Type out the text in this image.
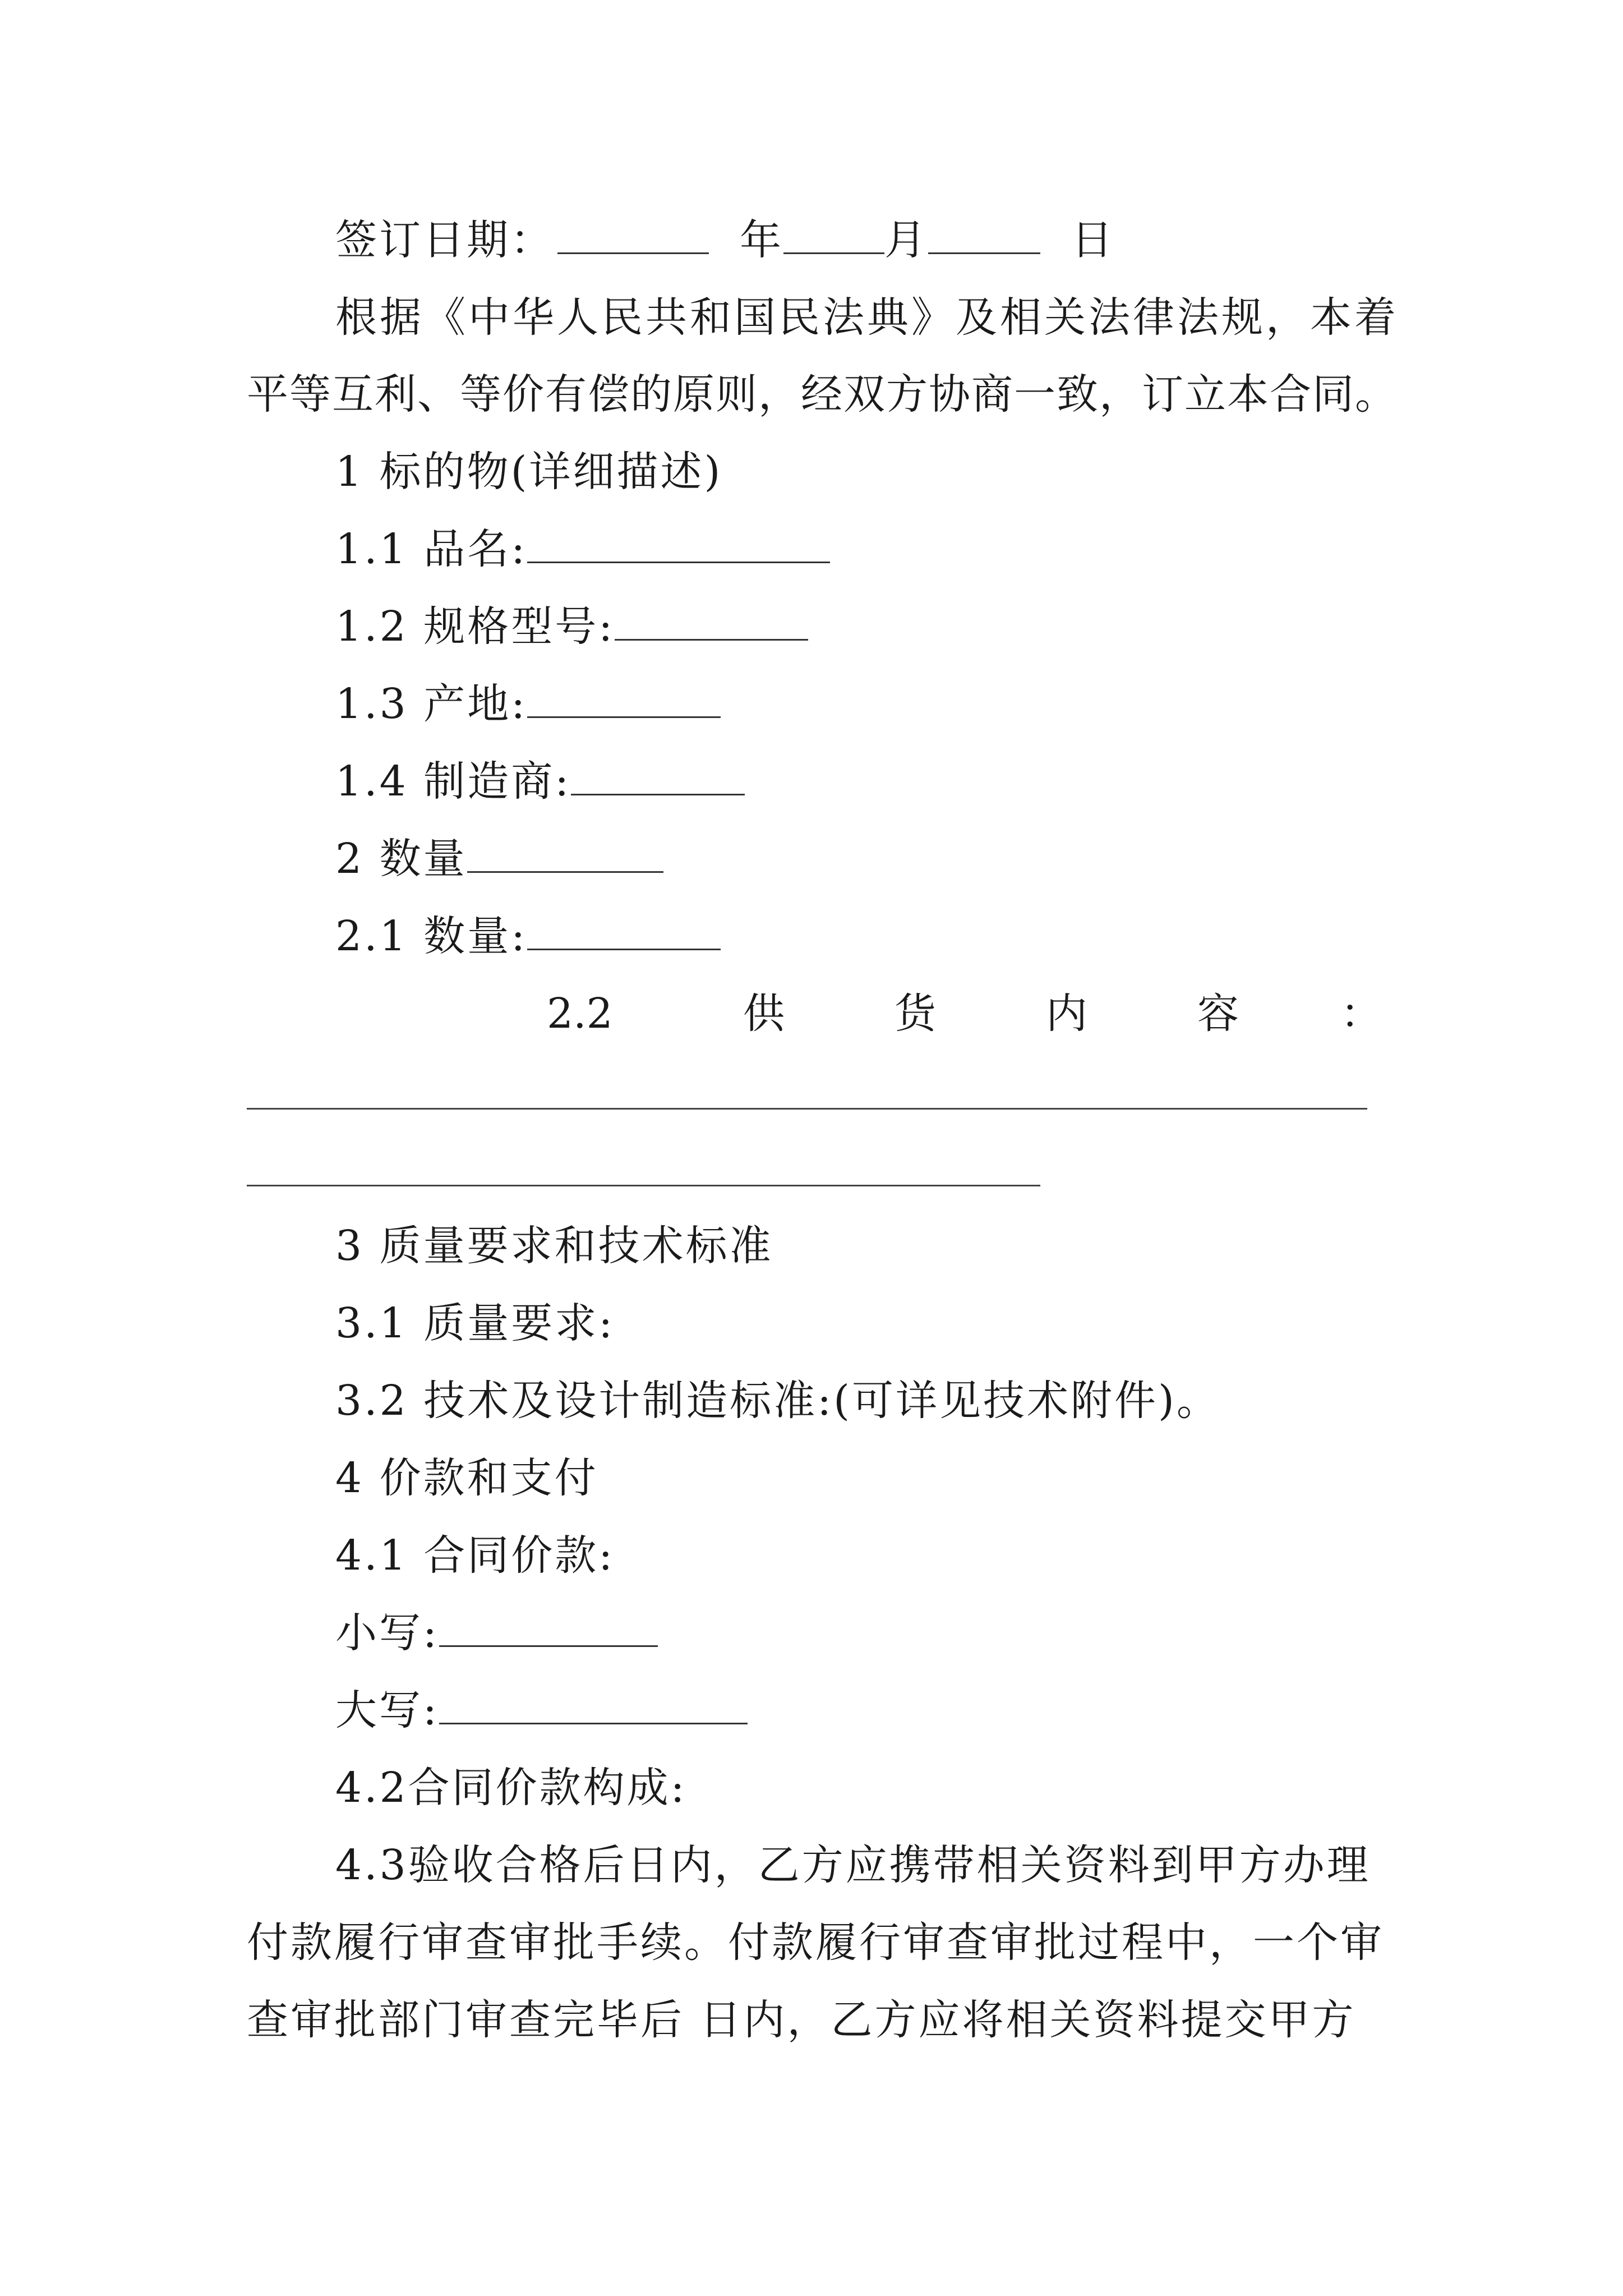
签订日期：	年 月	日
根据《中华人民共和国民法典》及相关法律法规，本着
平等互利、等价有偿的原则，经双方协商一致，订立本合同。
1 标的物(详细描述)
1.1 品名:
1.2 规格型号:
1.3 产地:
1.4 制造商:
2 数量
2.1 数量:
2.2	供	货	内	容 ：
3 质量要求和技术标准
3.1 质量要求:
3.2 技术及设计制造标准:(可详见技术附件)。
4 价款和支付
4.1 合同价款:
小写:
大写:
4.2合同价款构成:
4.3验收合格后日内，乙方应携带相关资料到甲方办理
付款履行审查审批手续。付款履行审查审批过程中，一个审
查审批部门审查完毕后 日内，乙方应将相关资料提交甲方
